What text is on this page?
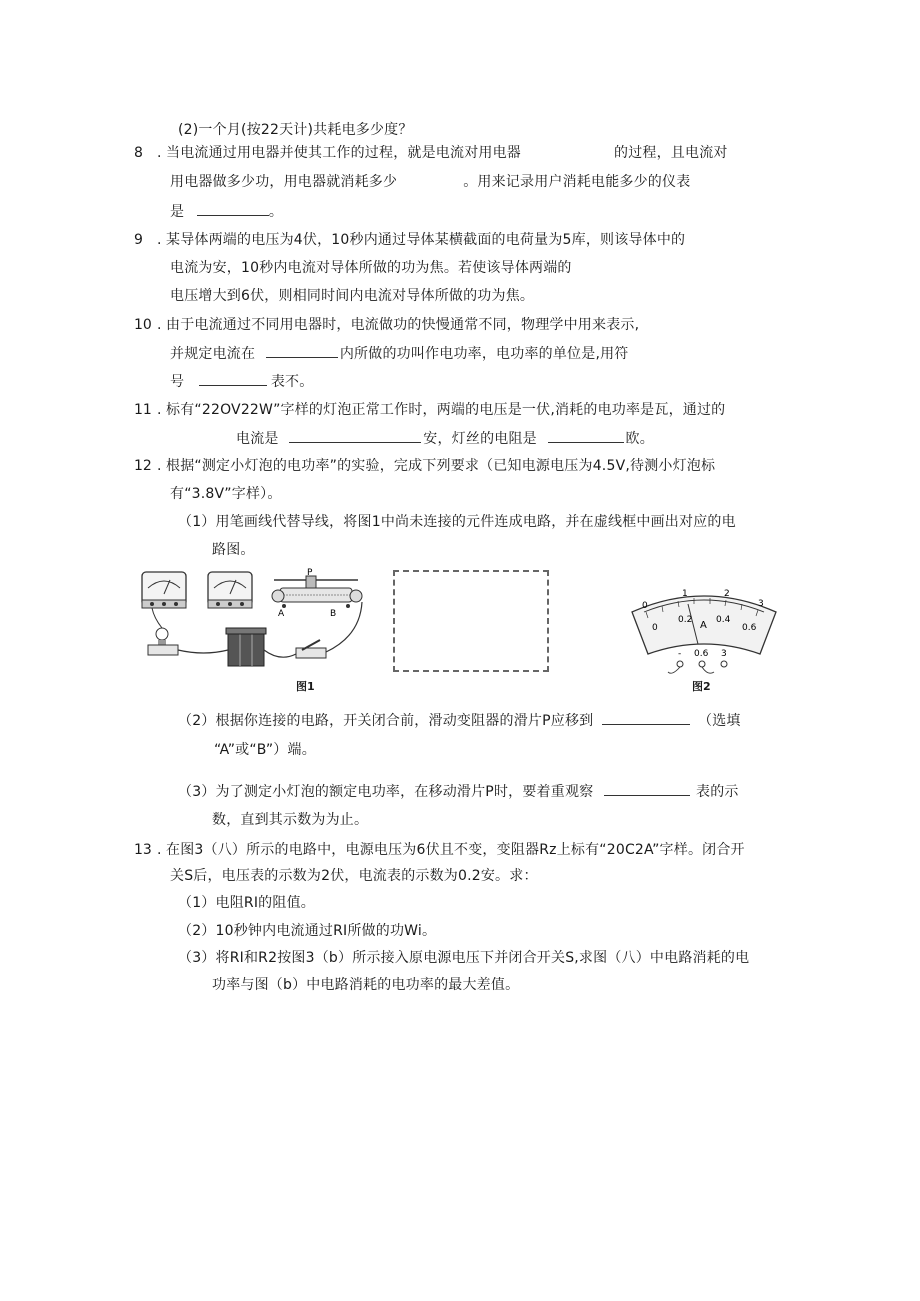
(2)一个月(按22天计)共耗电多少度？
8 . 当电流通过用电器并使其工作的过程，就是电流对用电器	的过程，且电流对
用电器做多少功，用电器就消耗多少	。用来记录用户消耗电能多少的仪表
是	。
9 . 某导体两端的电压为4伏，10秒内通过导体某横截面的电荷量为5库，则该导体中的
电流为安，10秒内电流对导体所做的功为焦。若使该导体两端的
电压增大到6伏，则相同时间内电流对导体所做的功为焦。
10 . 由于电流通过不同用电器时，电流做功的快慢通常不同，物理学中用来表示,
并规定电流在	内所做的功叫作电功率，电功率的单位是,用符
号	表不。
11 . 标有“22OV22W”字样的灯泡正常工作时，两端的电压是一伏,消耗的电功率是瓦，通过的
电流是	安，灯丝的电阻是	欧。
12 . 根据“测定小灯泡的电功率”的实验，完成下列要求（已知电源电压为4.5V,待测小灯泡标
有“3.8V”字样）。
（1）用笔画线代替导线，将图1中尚未连接的元件连成电路，并在虚线框中画出对应的电
路图。
P
A	B
图1
0
1	2
3
0
0.2	0.4
0.6
A
- 0.6 3
图2
（2）根据你连接的电路，开关闭合前，滑动变阻器的滑片P应移到	（选填
“A”或“B”）端。
（3）为了测定小灯泡的额定电功率，在移动滑片P时，要着重观察	表的示
数，直到其示数为为止。
13 . 在图3（八）所示的电路中，电源电压为6伏且不变，变阻器Rz上标有“20C2A”字样。闭合开
关S后，电压表的示数为2伏，电流表的示数为0.2安。求：
（1）电阻RI的阻值。
（2）10秒钟内电流通过RI所做的功Wi。
（3）将RI和R2按图3（b）所示接入原电源电压下并闭合开关S,求图（八）中电路消耗的电
功率与图（b）中电路消耗的电功率的最大差值。
